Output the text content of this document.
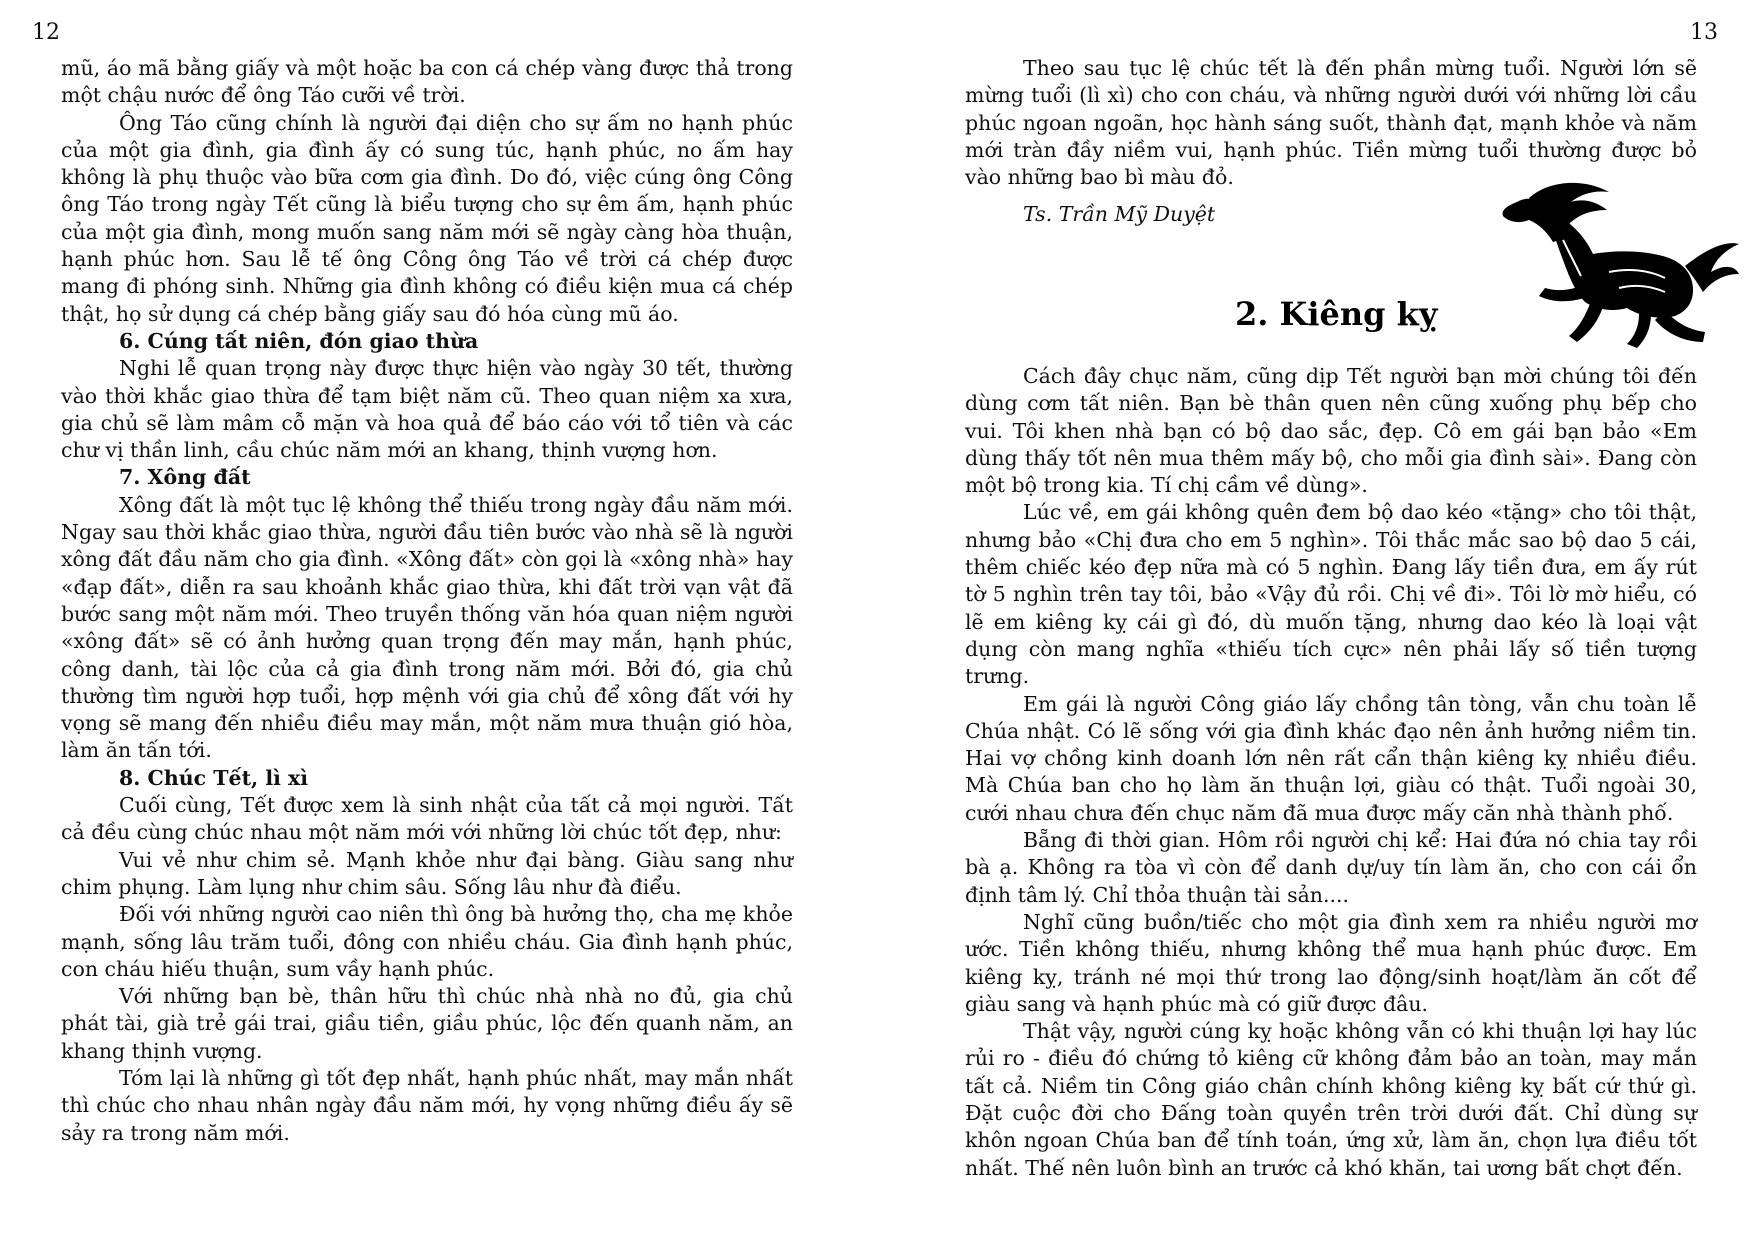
12

mũ, áo mã bằng giấy và một hoặc ba con cá chép vàng được thả trong một chậu nước để ông Táo cưỡi về trời.

Ông Táo cũng chính là người đại diện cho sự ấm no hạnh phúc của một gia đình, gia đình ấy có sung túc, hạnh phúc, no ấm hay không là phụ thuộc vào bữa cơm gia đình. Do đó, việc cúng ông Công ông Táo trong ngày Tết cũng là biểu tượng cho sự êm ấm, hạnh phúc của một gia đình, mong muốn sang năm mới sẽ ngày càng hòa thuận, hạnh phúc hơn. Sau lễ tế ông Công ông Táo về trời cá chép được mang đi phóng sinh. Những gia đình không có điều kiện mua cá chép thật, họ sử dụng cá chép bằng giấy sau đó hóa cùng mũ áo.

6. Cúng tất niên, đón giao thừa

Nghi lễ quan trọng này được thực hiện vào ngày 30 tết, thường vào thời khắc giao thừa để tạm biệt năm cũ. Theo quan niệm xa xưa, gia chủ sẽ làm mâm cỗ mặn và hoa quả để báo cáo với tổ tiên và các chư vị thần linh, cầu chúc năm mới an khang, thịnh vượng hơn.

7. Xông đất

Xông đất là một tục lệ không thể thiếu trong ngày đầu năm mới. Ngay sau thời khắc giao thừa, người đầu tiên bước vào nhà sẽ là người xông đất đầu năm cho gia đình. «Xông đất» còn gọi là «xông nhà» hay «đạp đất», diễn ra sau khoảnh khắc giao thừa, khi đất trời vạn vật đã bước sang một năm mới. Theo truyền thống văn hóa quan niệm người «xông đất» sẽ có ảnh hưởng quan trọng đến may mắn, hạnh phúc, công danh, tài lộc của cả gia đình trong năm mới. Bởi đó, gia chủ thường tìm người hợp tuổi, hợp mệnh với gia chủ để xông đất với hy vọng sẽ mang đến nhiều điều may mắn, một năm mưa thuận gió hòa, làm ăn tấn tới.

8. Chúc Tết, lì xì

Cuối cùng, Tết được xem là sinh nhật của tất cả mọi người. Tất cả đều cùng chúc nhau một năm mới với những lời chúc tốt đẹp, như:

Vui vẻ như chim sẻ. Mạnh khỏe như đại bàng. Giàu sang như chim phụng. Làm lụng như chim sâu. Sống lâu như đà điểu.

Đối với những người cao niên thì ông bà hưởng thọ, cha mẹ khỏe mạnh, sống lâu trăm tuổi, đông con nhiều cháu. Gia đình hạnh phúc, con cháu hiếu thuận, sum vầy hạnh phúc.

Với những bạn bè, thân hữu thì chúc nhà nhà no đủ, gia chủ phát tài, già trẻ gái trai, giầu tiền, giầu phúc, lộc đến quanh năm, an khang thịnh vượng.

Tóm lại là những gì tốt đẹp nhất, hạnh phúc nhất, may mắn nhất thì chúc cho nhau nhân ngày đầu năm mới, hy vọng những điều ấy sẽ sảy ra trong năm mới.

13

Theo sau tục lệ chúc tết là đến phần mừng tuổi. Người lớn sẽ mừng tuổi (lì xì) cho con cháu, và những người dưới với những lời cầu phúc ngoan ngoãn, học hành sáng suốt, thành đạt, mạnh khỏe và năm mới tràn đầy niềm vui, hạnh phúc. Tiền mừng tuổi thường được bỏ vào những bao bì màu đỏ.

Ts. Trần Mỹ Duyệt
2. Kiêng kỵ

Cách đây chục năm, cũng dịp Tết người bạn mời chúng tôi đến dùng cơm tất niên. Bạn bè thân quen nên cũng xuống phụ bếp cho vui. Tôi khen nhà bạn có bộ dao sắc, đẹp. Cô em gái bạn bảo «Em dùng thấy tốt nên mua thêm mấy bộ, cho mỗi gia đình sài». Đang còn một bộ trong kia. Tí chị cầm về dùng».

Lúc về, em gái không quên đem bộ dao kéo «tặng» cho tôi thật, nhưng bảo «Chị đưa cho em 5 nghìn». Tôi thắc mắc sao bộ dao 5 cái, thêm chiếc kéo đẹp nữa mà có 5 nghìn. Đang lấy tiền đưa, em ấy rút tờ 5 nghìn trên tay tôi, bảo «Vậy đủ rồi. Chị về đi». Tôi lờ mờ hiểu, có lẽ em kiêng kỵ cái gì đó, dù muốn tặng, nhưng dao kéo là loại vật dụng còn mang nghĩa «thiếu tích cực» nên phải lấy số tiền tượng trưng.

Em gái là người Công giáo lấy chồng tân tòng, vẫn chu toàn lễ Chúa nhật. Có lẽ sống với gia đình khác đạo nên ảnh hưởng niềm tin. Hai vợ chồng kinh doanh lớn nên rất cẩn thận kiêng kỵ nhiều điều. Mà Chúa ban cho họ làm ăn thuận lợi, giàu có thật. Tuổi ngoài 30, cưới nhau chưa đến chục năm đã mua được mấy căn nhà thành phố.

Bẵng đi thời gian. Hôm rồi người chị kể: Hai đứa nó chia tay rồi bà ạ. Không ra tòa vì còn để danh dự/uy tín làm ăn, cho con cái ổn định tâm lý. Chỉ thỏa thuận tài sản....

Nghĩ cũng buồn/tiếc cho một gia đình xem ra nhiều người mơ ước. Tiền không thiếu, nhưng không thể mua hạnh phúc được. Em kiêng kỵ, tránh né mọi thứ trong lao động/sinh hoạt/làm ăn cốt để giàu sang và hạnh phúc mà có giữ được đâu.

Thật vậy, người cúng kỵ hoặc không vẫn có khi thuận lợi hay lúc rủi ro - điều đó chứng tỏ kiêng cữ không đảm bảo an toàn, may mắn tất cả. Niềm tin Công giáo chân chính không kiêng kỵ bất cứ thứ gì. Đặt cuộc đời cho Đấng toàn quyền trên trời dưới đất. Chỉ dùng sự khôn ngoan Chúa ban để tính toán, ứng xử, làm ăn, chọn lựa điều tốt nhất. Thế nên luôn bình an trước cả khó khăn, tai ương bất chợt đến.
